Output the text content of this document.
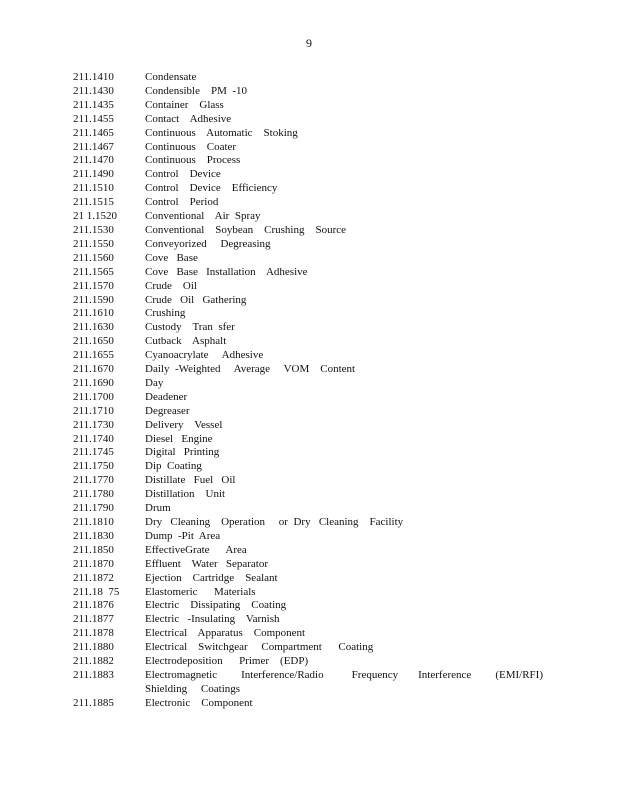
9
211.1410	Condensate
211.1430	Condensible    PM  -10
211.1435	Container    Glass
211.1455	Contact    Adhesive
211.1465	Continuous    Automatic    Stoking
211.1467	Continuous    Coater
211.1470	Continuous    Process
211.1490	Control    Device
211.1510	Control    Device    Efficiency
211.1515	Control    Period
21 1.1520	Conventional    Air  Spray
211.1530	Conventional    Soybean    Crushing    Source
211.1550	Conveyorized     Degreasing
211.1560	Cove   Base
211.1565	Cove   Base   Installation    Adhesive
211.1570	Crude    Oil
211.1590	Crude   Oil   Gathering
211.1610	Crushing
211.1630	Custody    Tran  sfer
211.1650	Cutback    Asphalt
211.1655	Cyanoacrylate     Adhesive
211.1670	Daily  -Weighted     Average     VOM    Content
211.1690	Day
211.1700	Deadener
211.1710	Degreaser
211.1730	Delivery    Vessel
211.1740	Diesel   Engine
211.1745	Digital   Printing
211.1750	Dip  Coating
211.1770	Distillate   Fuel   Oil
211.1780	Distillation    Unit
211.1790	Drum
211.1810	Dry   Cleaning    Operation     or  Dry   Cleaning    Facility
211.1830	Dump  -Pit  Area
211.1850	EffectiveGrate      Area
211.1870	Effluent    Water   Separator
211.1872	Ejection    Cartridge    Sealant
211.18  75	Elastomeric      Materials
211.1876	Electric    Dissipating    Coating
211.1877	Electric   -Insulating    Varnish
211.1878	Electrical    Apparatus    Component
211.1880	Electrical    Switchgear     Compartment      Coating
211.1882	Electrodeposition      Primer    (EDP)
211.1883	Electromagnetic      Interference/Radio       Frequency     Interference      (EMI/RFI)     Shielding     Coatings
211.1885	Electronic    Component
